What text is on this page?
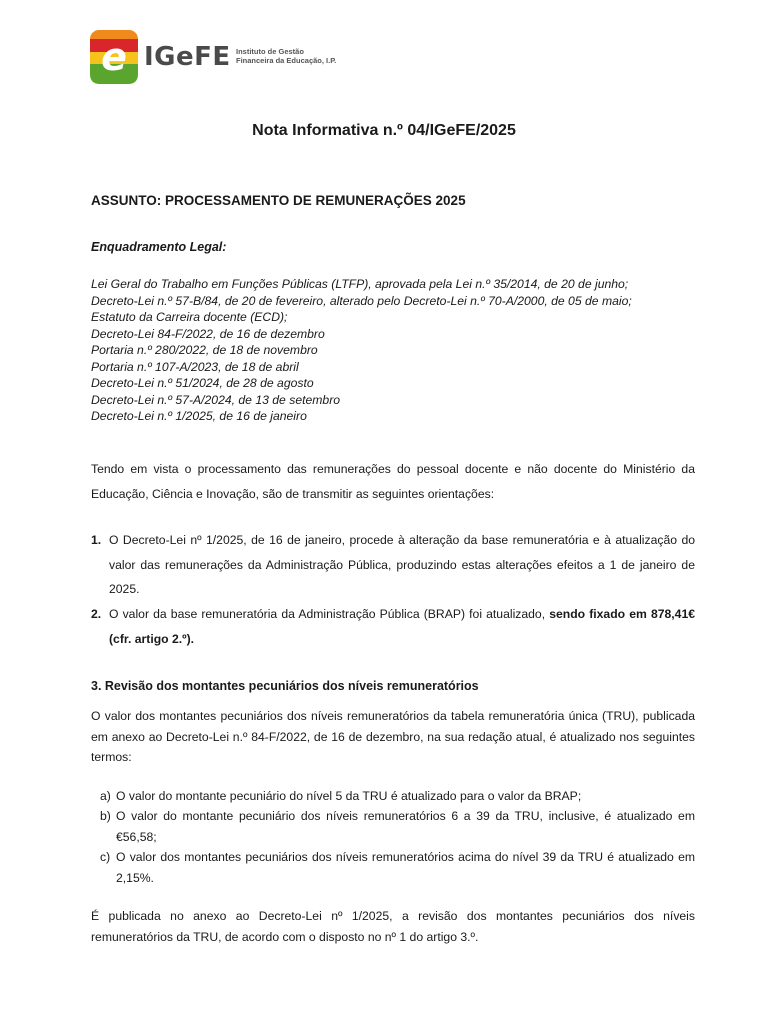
e IGeFE Instituto de Gestão
Financeira da Educação, I.P.
Nota Informativa n.º 04/IGeFE/2025
ASSUNTO: PROCESSAMENTO DE REMUNERAÇÕES 2025
Enquadramento Legal:
Lei Geral do Trabalho em Funções Públicas (LTFP), aprovada pela Lei n.º 35/2014, de 20 de junho;
Decreto-Lei n.º 57-B/84, de 20 de fevereiro, alterado pelo Decreto-Lei n.º 70-A/2000, de 05 de maio;
Estatuto da Carreira docente (ECD);
Decreto-Lei 84-F/2022, de 16 de dezembro
Portaria n.º 280/2022, de 18 de novembro
Portaria n.º 107-A/2023, de 18 de abril
Decreto-Lei n.º 51/2024, de 28 de agosto
Decreto-Lei n.º 57-A/2024, de 13 de setembro
Decreto-Lei n.º 1/2025, de 16 de janeiro
Tendo em vista o processamento das remunerações do pessoal docente e não docente do Ministério da Educação, Ciência e Inovação, são de transmitir as seguintes orientações:
1. O Decreto-Lei nº 1/2025, de 16 de janeiro, procede à alteração da base remuneratória e à atualização do valor das remunerações da Administração Pública, produzindo estas alterações efeitos a 1 de janeiro de 2025.
2. O valor da base remuneratória da Administração Pública (BRAP) foi atualizado, sendo fixado em 878,41€ (cfr. artigo 2.º).
3. Revisão dos montantes pecuniários dos níveis remuneratórios
O valor dos montantes pecuniários dos níveis remuneratórios da tabela remuneratória única (TRU), publicada em anexo ao Decreto-Lei n.º 84-F/2022, de 16 de dezembro, na sua redação atual, é atualizado nos seguintes termos:
a) O valor do montante pecuniário do nível 5 da TRU é atualizado para o valor da BRAP;
b) O valor do montante pecuniário dos níveis remuneratórios 6 a 39 da TRU, inclusive, é atualizado em €56,58;
c) O valor dos montantes pecuniários dos níveis remuneratórios acima do nível 39 da TRU é atualizado em 2,15%.
É publicada no anexo ao Decreto-Lei nº 1/2025, a revisão dos montantes pecuniários dos níveis remuneratórios da TRU, de acordo com o disposto no nº 1 do artigo 3.º.
